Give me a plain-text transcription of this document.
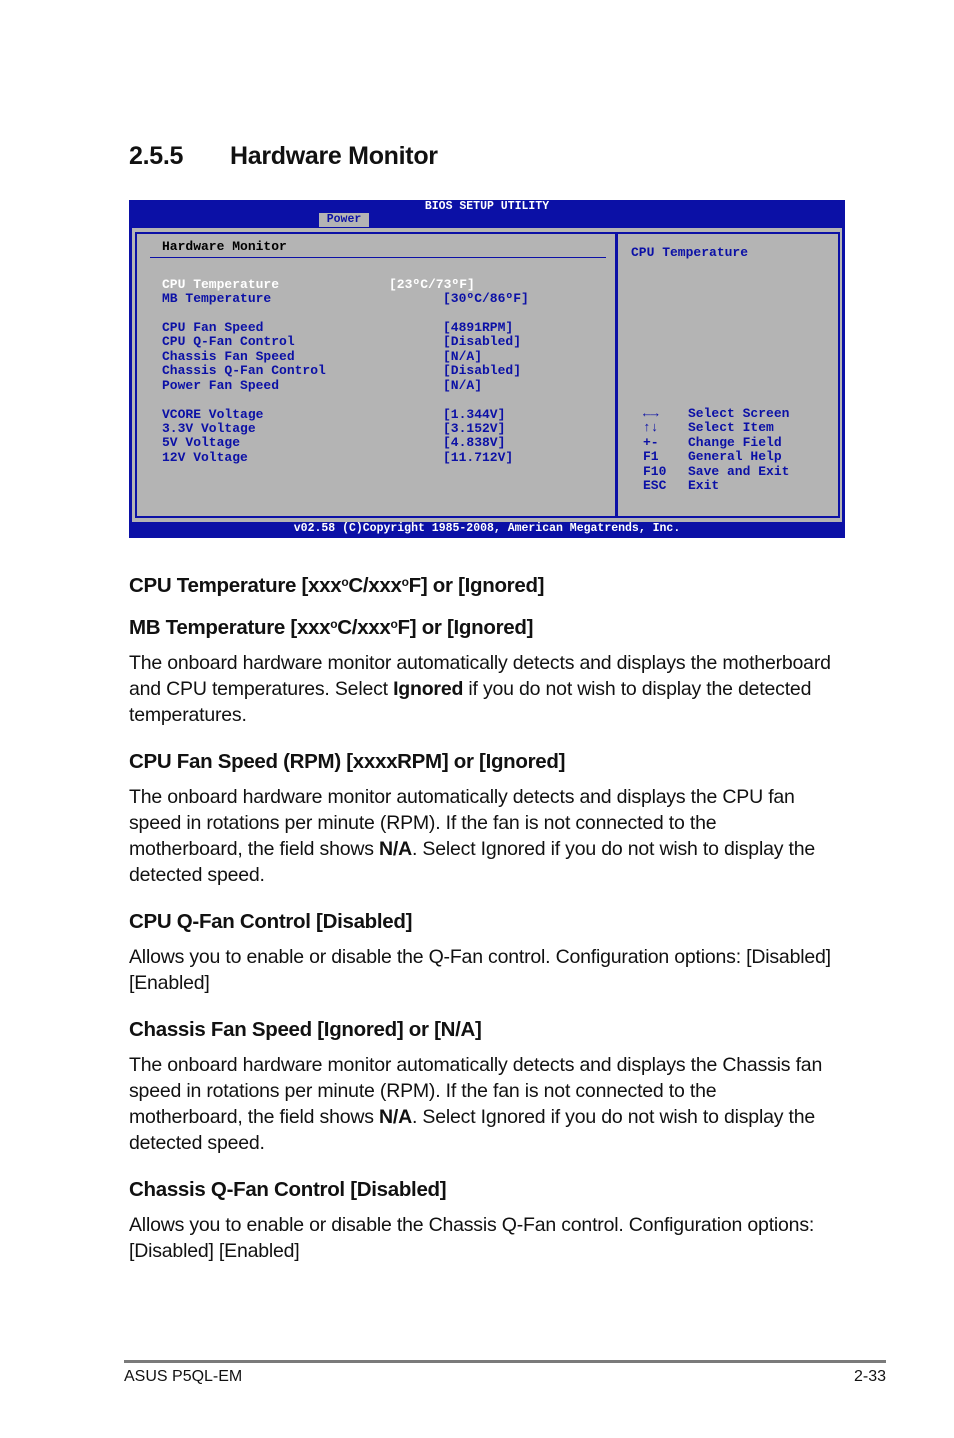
2.5.5 Hardware Monitor
BIOS SETUP UTILITY
Power
Hardware Monitor
CPU Temperature	[23ºC/73ºF]
MB Temperature	[30ºC/86ºF]
CPU Fan Speed	[4891RPM]
CPU Q-Fan Control	[Disabled]
Chassis Fan Speed	[N/A]
Chassis Q-Fan Control	[Disabled]
Power Fan Speed	[N/A]
VCORE Voltage	[1.344V]
3.3V Voltage	[3.152V]
5V Voltage	[4.838V]
12V Voltage	[11.712V]
CPU Temperature
←→ Select Screen
↑↓ Select Item
+- Change Field
F1 General Help
F10 Save and Exit
ESC Exit
v02.58 (C)Copyright 1985-2008, American Megatrends, Inc.
CPU Temperature [xxx$^o$C/xxx$^o$F] or [Ignored]
MB Temperature [xxx$^o$C/xxx$^o$F] or [Ignored]

The onboard hardware monitor automatically detects and displays the motherboard and CPU temperatures. Select Ignored if you do not wish to display the detected temperatures.

CPU Fan Speed (RPM) [xxxxRPM] or [Ignored]

The onboard hardware monitor automatically detects and displays the CPU fan speed in rotations per minute (RPM). If the fan is not connected to the motherboard, the field shows N/A. Select Ignored if you do not wish to display the detected speed.

CPU Q-Fan Control [Disabled]

Allows you to enable or disable the Q-Fan control. Configuration options: [Disabled] [Enabled]

Chassis Fan Speed [Ignored] or [N/A]

The onboard hardware monitor automatically detects and displays the Chassis fan speed in rotations per minute (RPM). If the fan is not connected to the motherboard, the field shows N/A. Select Ignored if you do not wish to display the detected speed.

Chassis Q-Fan Control [Disabled]

Allows you to enable or disable the Chassis Q-Fan control. Configuration options: [Disabled] [Enabled]

ASUS P5QL-EM	2-33
